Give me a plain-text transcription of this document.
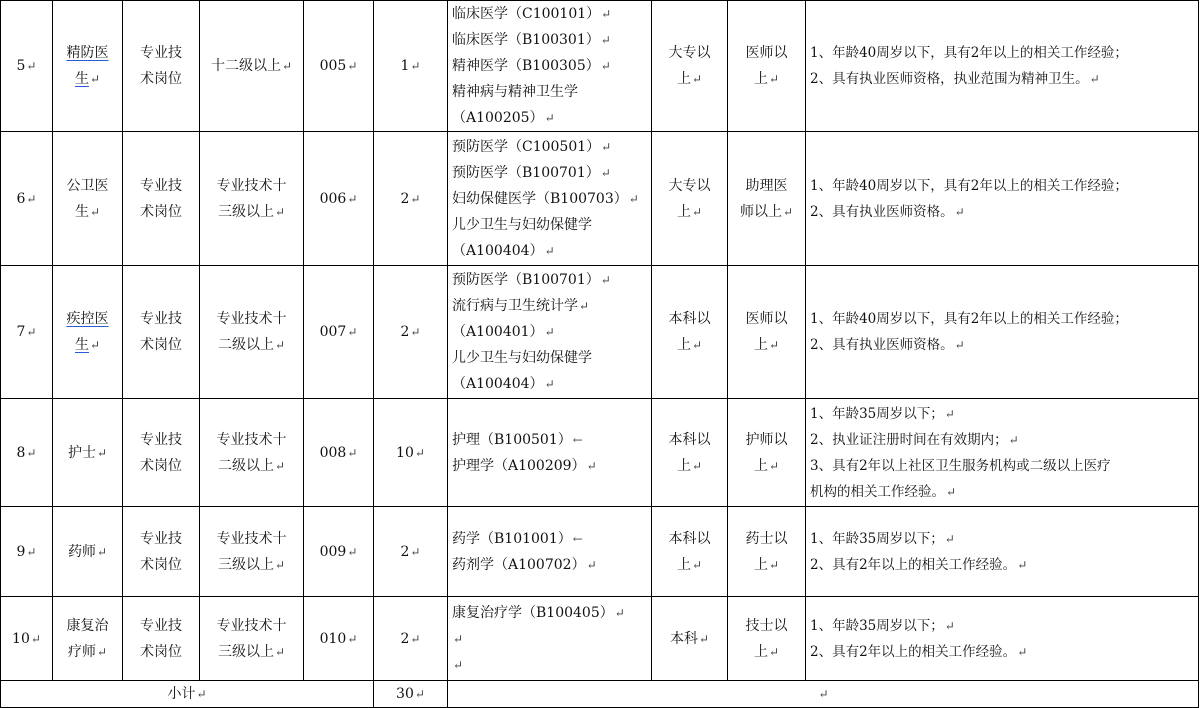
5↵	精防医
生↵	专业技
术岗位	十二级以上↵	005↵	1↵	临床医学（C100101）↵
临床医学（B100301）↵
精神医学（B100305）↵
精神病与精神卫生学
（A100205）↵	大专以
上↵	医师以
上↵	1、年龄40周岁以下，具有2年以上的相关工作经验；
2、具有执业医师资格，执业范围为精神卫生。↵

6↵	公卫医
生↵	专业技
术岗位	专业技术十
三级以上↵	006↵	2↵	预防医学（C100501）↵
预防医学（B100701）↵
妇幼保健医学（B100703）↵
儿少卫生与妇幼保健学
（A100404）↵	大专以
上↵	助理医
师以上↵	1、年龄40周岁以下，具有2年以上的相关工作经验；
2、具有执业医师资格。↵

7↵	疾控医
生↵	专业技
术岗位	专业技术十
二级以上↵	007↵	2↵	预防医学（B100701）↵
流行病与卫生统计学↵
（A100401）↵
儿少卫生与妇幼保健学
（A100404）↵	本科以
上↵	医师以
上↵	1、年龄40周岁以下，具有2年以上的相关工作经验；
2、具有执业医师资格。↵

8↵	护士↵	专业技
术岗位	专业技术十
二级以上↵	008↵	10↵	护理（B100501）←
护理学（A100209）↵	本科以
上↵	护师以
上↵	1、年龄35周岁以下；↵
2、执业证注册时间在有效期内；↵
3、具有2年以上社区卫生服务机构或二级以上医疗
机构的相关工作经验。↵

9↵	药师↵	专业技
术岗位	专业技术十
三级以上↵	009↵	2↵	药学（B101001）←
药剂学（A100702）↵	本科以
上↵	药士以
上↵	1、年龄35周岁以下；↵
2、具有2年以上的相关工作经验。↵

10↵	康复治
疗师↵	专业技
术岗位	专业技术十
三级以上↵	010↵	2↵	康复治疗学（B100405）↵
↵
↵	本科↵	技士以
上↵	1、年龄35周岁以下；↵
2、具有2年以上的相关工作经验。↵

小计↵					30↵	↵
